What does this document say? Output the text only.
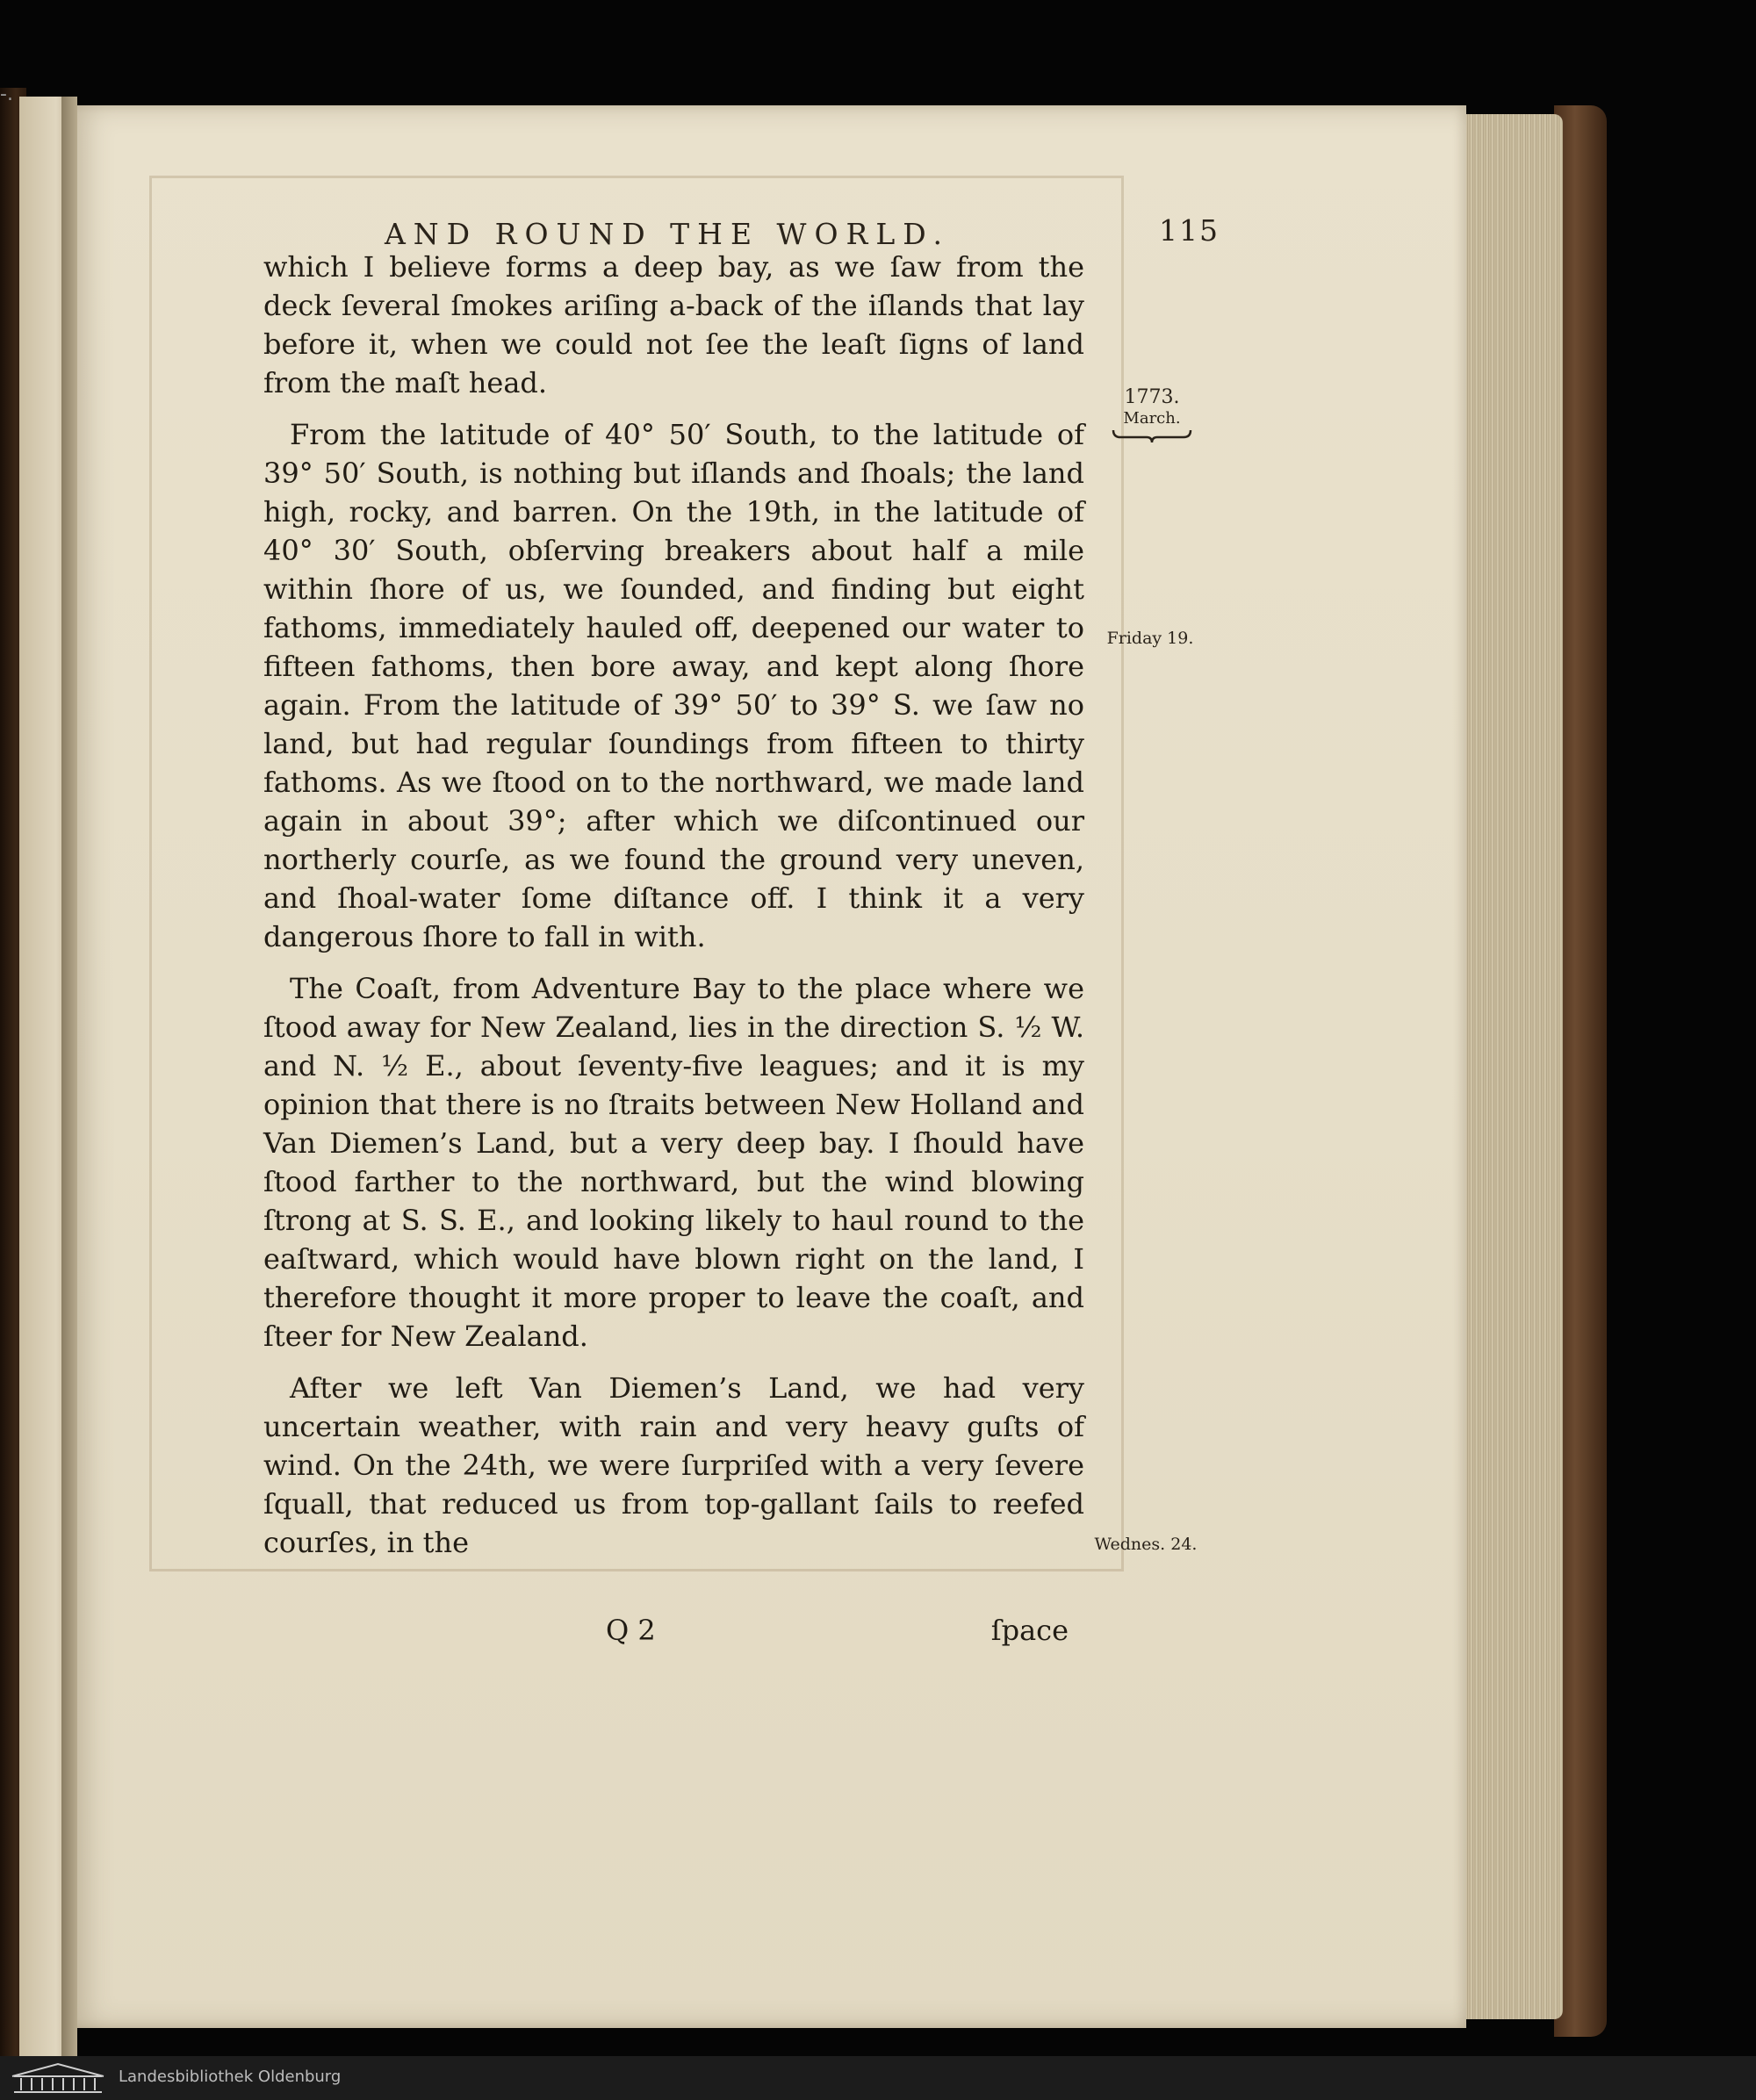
AND ROUND THE WORLD.	115
1773.
March.
Friday 19.
Wednes. 24.

which I believe forms a deep bay, as we ſaw from the deck ſeveral ſmokes ariſing a-back of the iſlands that lay before it, when we could not ſee the leaſt ſigns of land from the maſt head.

From the latitude of 40° 50′ South, to the latitude of 39° 50′ South, is nothing but iſlands and ſhoals; the land high, rocky, and barren. On the 19th, in the latitude of 40° 30′ South, obſerving breakers about half a mile within ſhore of us, we ſounded, and finding but eight fathoms, immediately hauled off, deepened our water to fifteen fathoms, then bore away, and kept along ſhore again. From the latitude of 39° 50′ to 39° S. we ſaw no land, but had regular ſoundings from fifteen to thirty fathoms. As we ſtood on to the northward, we made land again in about 39°; after which we diſcontinued our northerly courſe, as we found the ground very uneven, and ſhoal-water ſome diſtance off. I think it a very dangerous ſhore to fall in with.

The Coaſt, from Adventure Bay to the place where we ſtood away for New Zealand, lies in the direction S. ½ W. and N. ½ E., about ſeventy-five leagues; and it is my opinion that there is no ſtraits between New Holland and Van Diemen’s Land, but a very deep bay. I ſhould have ſtood farther to the northward, but the wind blowing ſtrong at S. S. E., and looking likely to haul round to the eaſtward, which would have blown right on the land, I therefore thought it more proper to leave the coaſt, and ſteer for New Zealand.

After we left Van Diemen’s Land, we had very uncertain weather, with rain and very heavy guſts of wind. On the 24th, we were ſurpriſed with a very ſevere ſquall, that reduced us from top-gallant ſails to reefed courſes, in the

Q 2	ſpace
-.
Landesbibliothek Oldenburg
